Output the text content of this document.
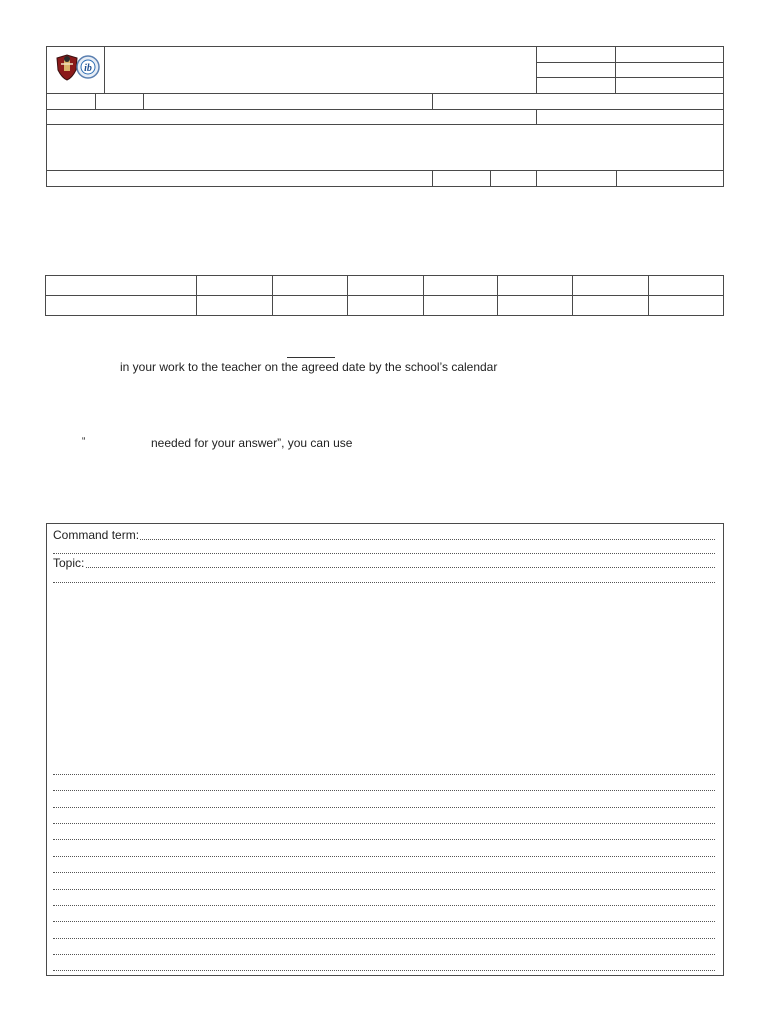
ib

in your work to the teacher on the agreed date by the school’s calendar
“	needed for your answer”, you can use
Command term:
Topic:
